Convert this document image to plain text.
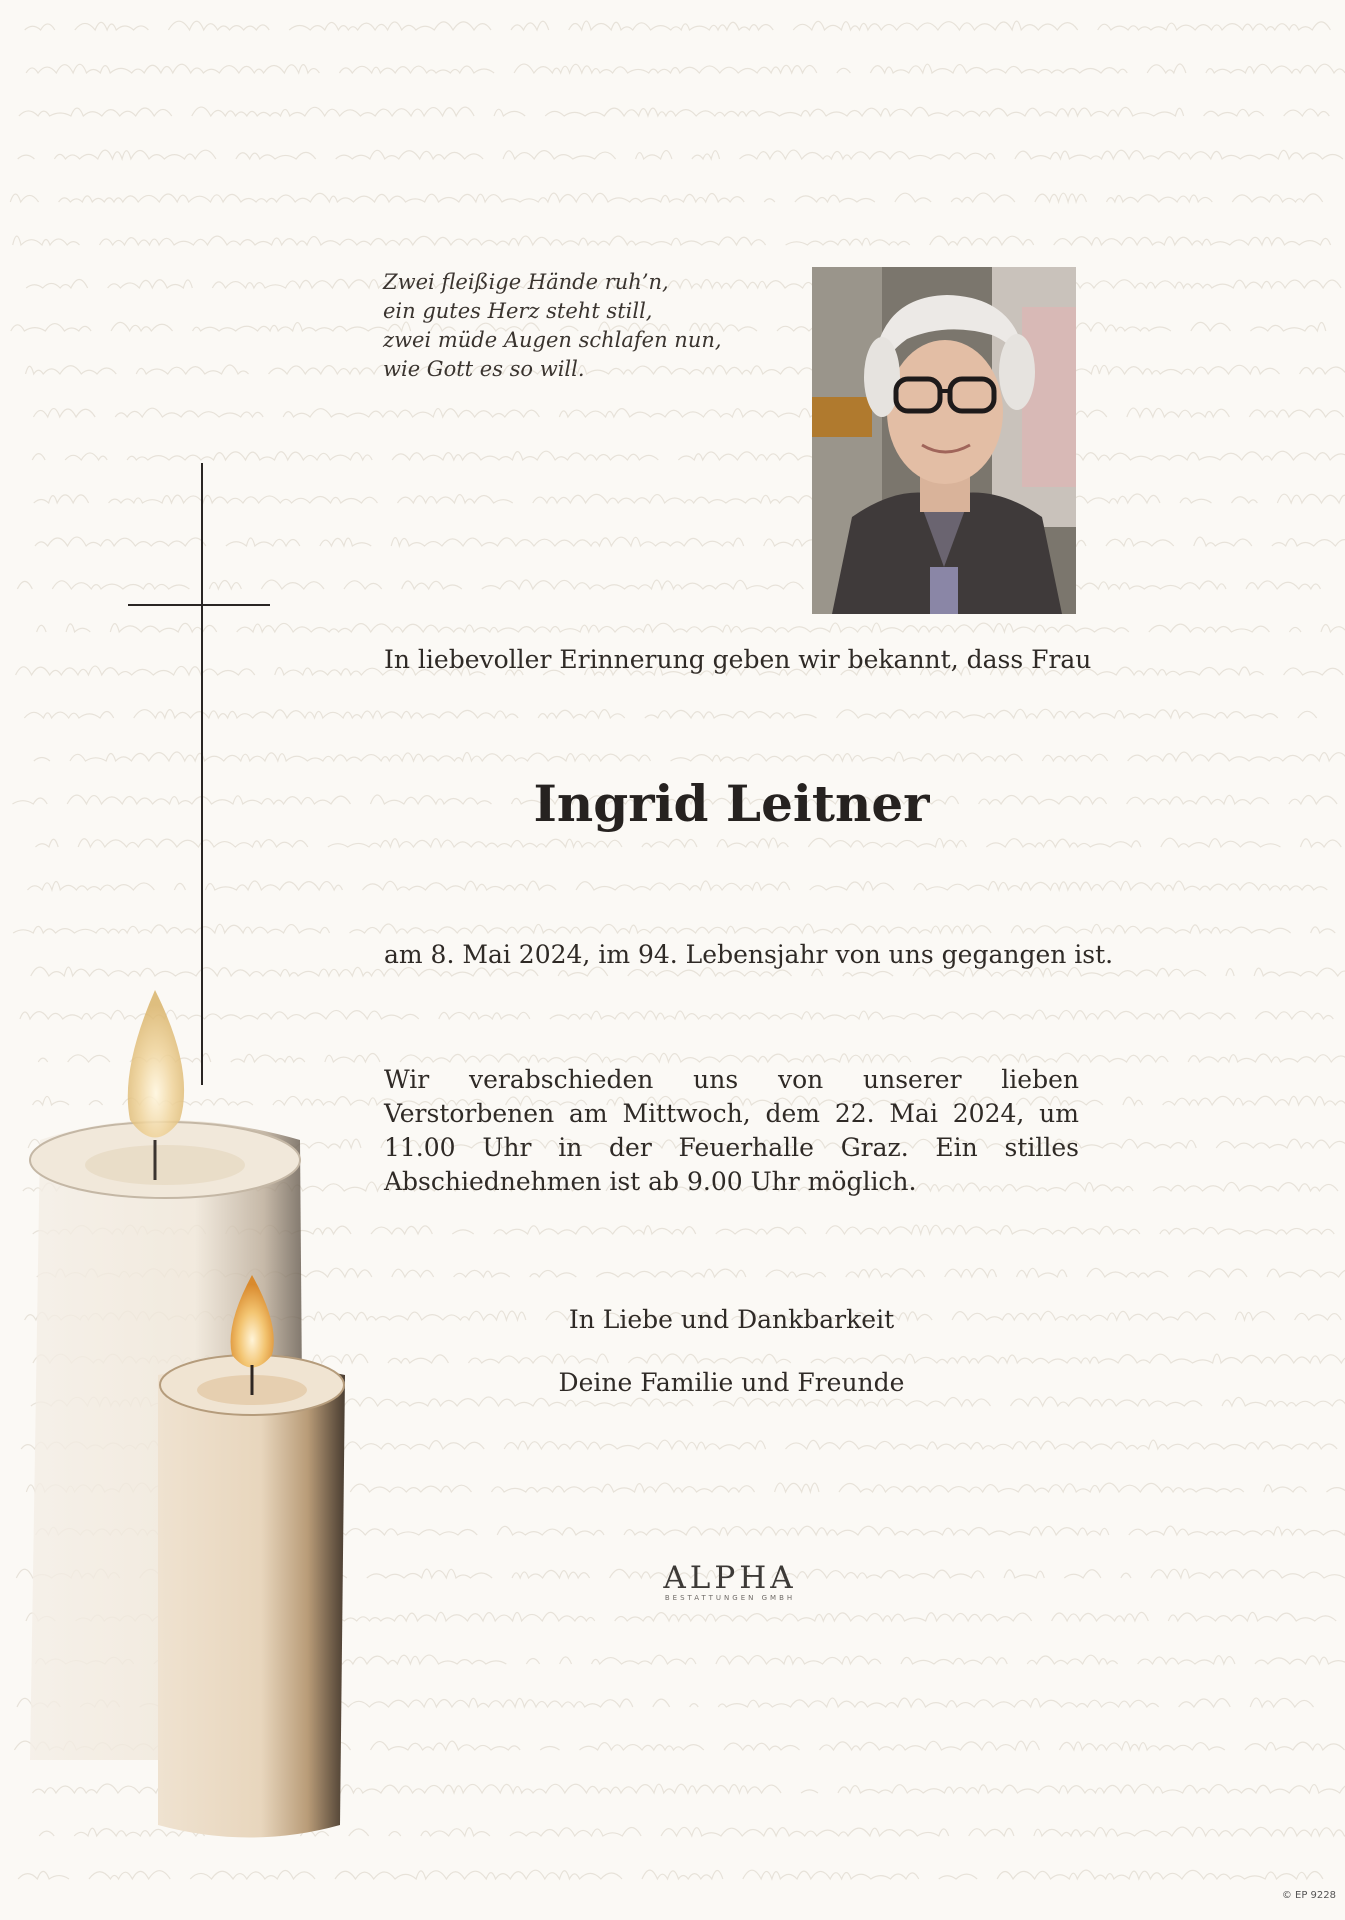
Zwei fleißige Hände ruh’n,
ein gutes Herz steht still,
zwei müde Augen schlafen nun,
wie Gott es so will.
In liebevoller Erinnerung geben wir bekannt, dass Frau
Ingrid Leitner
am 8. Mai 2024, im 94. Lebensjahr von uns gegangen ist.
Wir verabschieden uns von unserer lieben Verstorbenen am Mittwoch, dem 22. Mai 2024, um 11.00 Uhr in der Feuerhalle Graz. Ein stilles Abschiednehmen ist ab 9.00 Uhr möglich.
In Liebe und Dankbarkeit
Deine Familie und Freunde
ALPHA
BESTATTUNGEN GMBH
© EP 9228
